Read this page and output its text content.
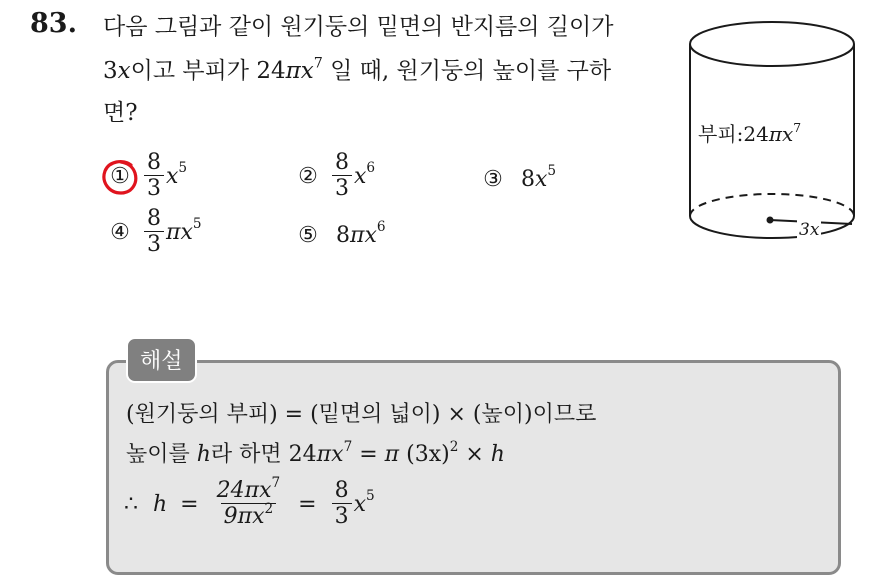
83. 다음 그림과 같이 원기둥의 밑면의 반지름의 길이가
3x이고 부피가 $24\pi x^7$ 일 때, 원기둥의 높이를 구하
면?
① $\frac{8}{3} x^5$	② $\frac{8}{3} x^6$	③ $8x^5$
④ $\frac{8}{3} \pi x^5$	⑤ $8\pi x^6$
부피$:24\pi x^7$
3x
해설
(원기둥의 부피) = (밑면의 넓이) × (높이)이므로
높이를 h라 하면 $24\pi x^7 = \pi$ $(3x)^2 \times h$
∴ $h = \frac{24\pi x^7}{9\pi x^2} = \frac{8}{3} x^5$
